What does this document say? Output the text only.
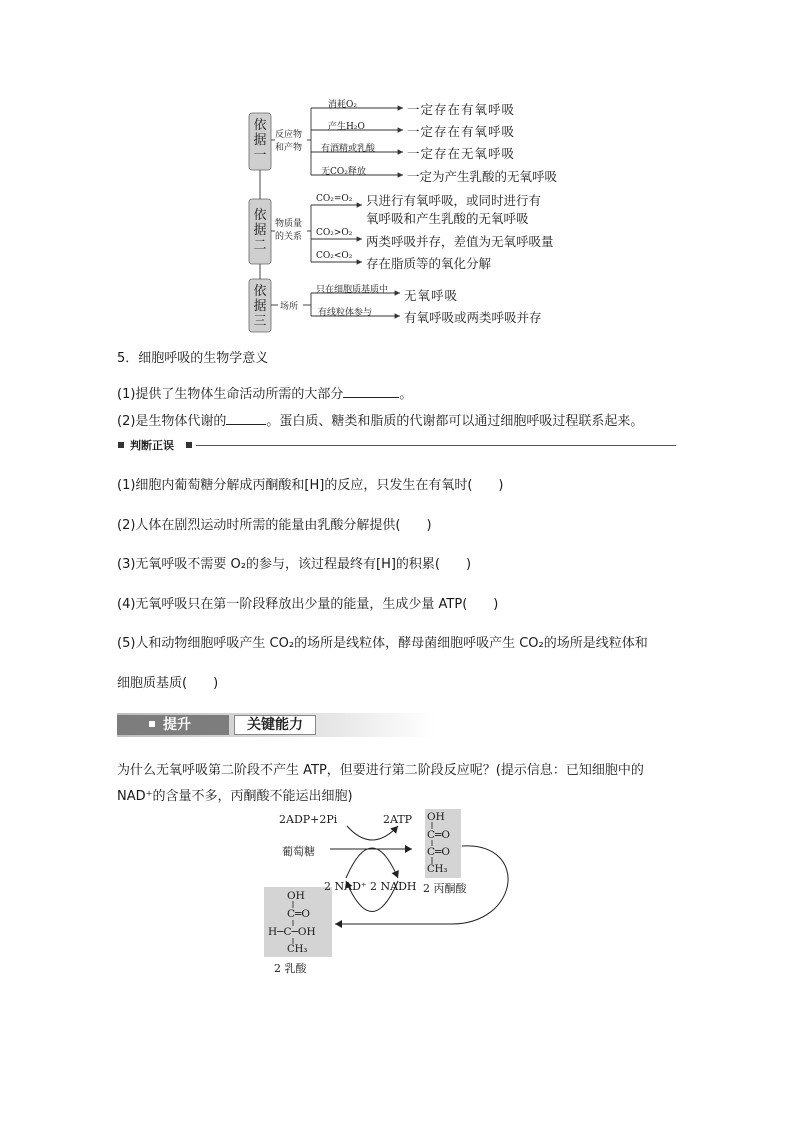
依据一
依据二
依据三
反应物
和产物
物质量
的关系
场所
消耗O₂
产生H₂O
有酒精或乳酸
无CO₂释放
一定存在有氧呼吸
一定存在有氧呼吸
一定存在无氧呼吸
一定为产生乳酸的无氧呼吸
CO₂=O₂
CO₂>O₂
CO₂<O₂
只进行有氧呼吸，或同时进行有
氧呼吸和产生乳酸的无氧呼吸
两类呼吸并存，差值为无氧呼吸量
存在脂质等的氧化分解
只在细胞质基质中
有线粒体参与
无氧呼吸
有氧呼吸或两类呼吸并存
5．细胞呼吸的生物学意义
(1)提供了生物体生命活动所需的大部分	。
(2)是生物体代谢的	。蛋白质、糖类和脂质的代谢都可以通过细胞呼吸过程联系起来。
判断正误
(1)细胞内葡萄糖分解成丙酮酸和[H]的反应，只发生在有氧时(　　)
(2)人体在剧烈运动时所需的能量由乳酸分解提供(　　)
(3)无氧呼吸不需要 O₂的参与，该过程最终有[H]的积累(　　)
(4)无氧呼吸只在第一阶段释放出少量的能量，生成少量 ATP(　　)
(5)人和动物细胞呼吸产生 CO₂的场所是线粒体，酵母菌细胞呼吸产生 CO₂的场所是线粒体和
细胞质基质(　　)
提升	关键能力
为什么无氧呼吸第二阶段不产生 ATP，但要进行第二阶段反应呢？(提示信息：已知细胞中的
NAD⁺的含量不多，丙酮酸不能运出细胞)
2ADP+2Pi	2ATP
葡萄糖
2 NAD⁺ 2 NADH
OH
C═O
C═O
CH₃
2 丙酮酸
OH
C═O
H─C─OH
CH₃
2 乳酸
